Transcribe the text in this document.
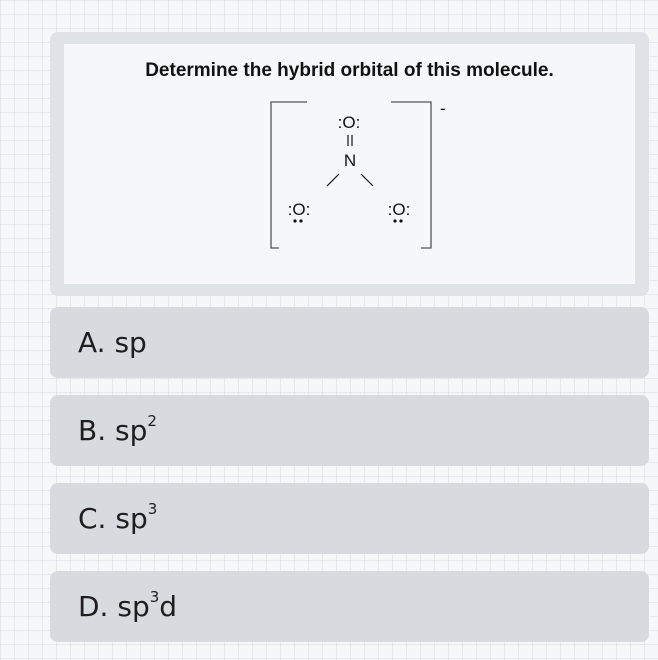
Determine the hybrid orbital of this molecule.
-
:O:
N
:O:	:O:
A. sp
B. $sp^2$
C. $sp^3$
D. $sp^3d$
